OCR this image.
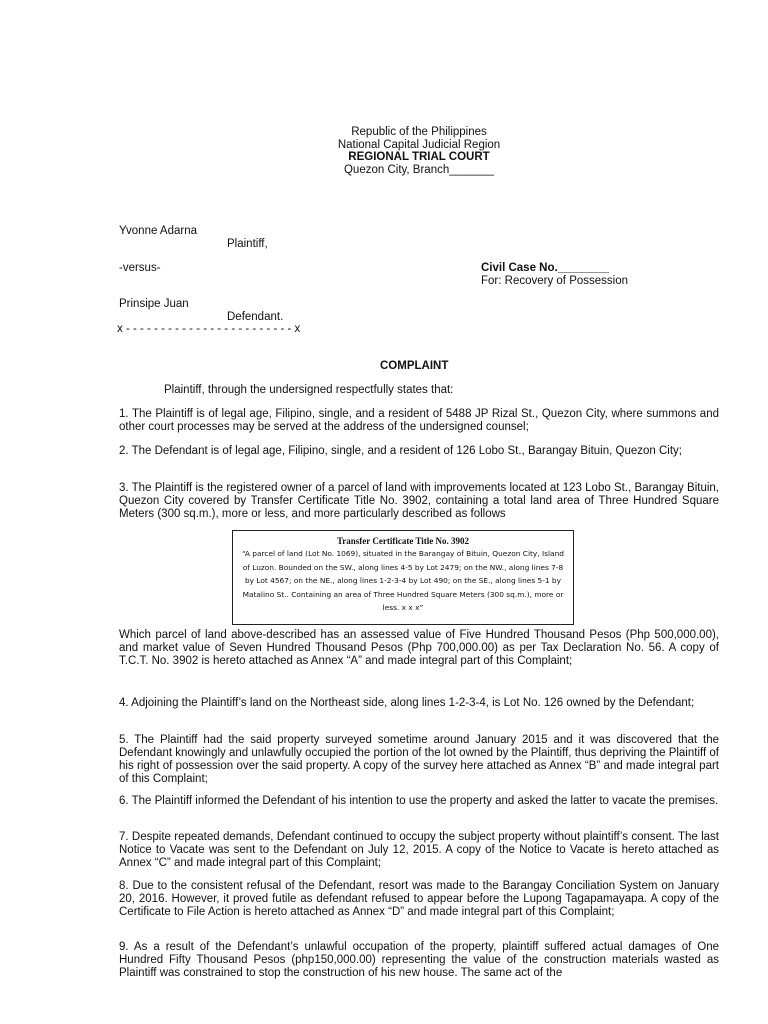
Republic of the Philippines
National Capital Judicial Region
REGIONAL TRIAL COURT
Quezon City, Branch_______
Yvonne Adarna
Plaintiff,
-versus-	Civil Case No.________
For: Recovery of Possession
Prinsipe Juan
Defendant.
x - - - - - - - - - - - - - - - - - - - - - - - - x
COMPLAINT
Plaintiff, through the undersigned respectfully states that:
1. The Plaintiff is of legal age, Filipino, single, and a resident of 5488 JP Rizal St., Quezon City, where summons and other court processes may be served at the address of the undersigned counsel;
2. The Defendant is of legal age, Filipino, single, and a resident of 126 Lobo St., Barangay Bituin, Quezon City;
3. The Plaintiff is the registered owner of a parcel of land with improvements located at 123 Lobo St., Barangay Bituin, Quezon City covered by Transfer Certificate Title No. 3902, containing a total land area of Three Hundred Square Meters (300 sq.m.), more or less, and more particularly described as follows
Transfer Certificate Title No. 3902
“A parcel of land (Lot No. 1069), situated in the Barangay of Bituin, Quezon City, Island of Luzon. Bounded on the SW., along lines 4-5 by Lot 2479; on the NW., along lines 7-8 by Lot 4567; on the NE., along lines 1-2-3-4 by Lot 490; on the SE., along lines 5-1 by Matalino St.. Containing an area of Three Hundred Square Meters (300 sq.m.), more or less. x x x”
Which parcel of land above-described has an assessed value of Five Hundred Thousand Pesos (Php 500,000.00), and market value of Seven Hundred Thousand Pesos (Php 700,000.00) as per Tax Declaration No. 56. A copy of T.C.T. No. 3902 is hereto attached as Annex “A” and made integral part of this Complaint;
4. Adjoining the Plaintiff’s land on the Northeast side, along lines 1-2-3-4, is Lot No. 126 owned by the Defendant;
5. The Plaintiff had the said property surveyed sometime around January 2015 and it was discovered that the Defendant knowingly and unlawfully occupied the portion of the lot owned by the Plaintiff, thus depriving the Plaintiff of his right of possession over the said property. A copy of the survey here attached as Annex “B” and made integral part of this Complaint;
6. The Plaintiff informed the Defendant of his intention to use the property and asked the latter to vacate the premises.
7. Despite repeated demands, Defendant continued to occupy the subject property without plaintiff’s consent. The last Notice to Vacate was sent to the Defendant on July 12, 2015. A copy of the Notice to Vacate is hereto attached as Annex “C” and made integral part of this Complaint;
8. Due to the consistent refusal of the Defendant, resort was made to the Barangay Conciliation System on January 20, 2016. However, it proved futile as defendant refused to appear before the Lupong Tagapamayapa. A copy of the Certificate to File Action is hereto attached as Annex “D” and made integral part of this Complaint;
9. As a result of the Defendant’s unlawful occupation of the property, plaintiff suffered actual damages of One Hundred Fifty Thousand Pesos (php150,000.00) representing the value of the construction materials wasted as Plaintiff was constrained to stop the construction of his new house. The same act of the
